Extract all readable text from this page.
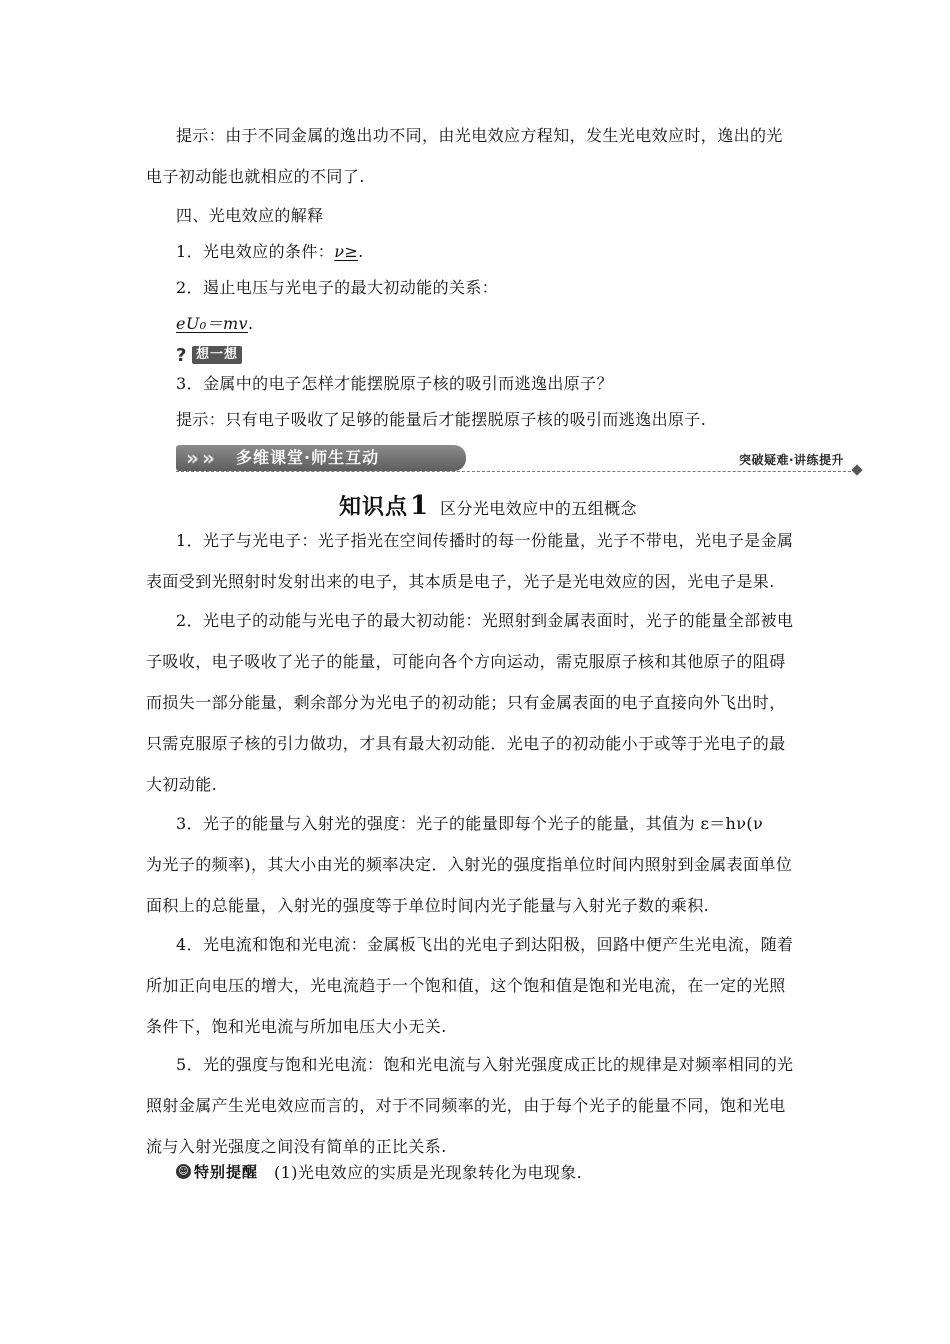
提示：由于不同金属的逸出功不同，由光电效应方程知，发生光电效应时，逸出的光
电子初动能也就相应的不同了.
四、光电效应的解释
1．光电效应的条件：ν≥.
2．遏止电压与光电子的最大初动能的关系：
eU₀＝mv.
? 想一想
3．金属中的电子怎样才能摆脱原子核的吸引而逃逸出原子？
提示：只有电子吸收了足够的能量后才能摆脱原子核的吸引而逃逸出原子.
» » 多维课堂·师生互动	突破疑难·讲练提升
知识点 1 区分光电效应中的五组概念
1．光子与光电子：光子指光在空间传播时的每一份能量，光子不带电，光电子是金属
表面受到光照射时发射出来的电子，其本质是电子，光子是光电效应的因，光电子是果.
2．光电子的动能与光电子的最大初动能：光照射到金属表面时，光子的能量全部被电
子吸收，电子吸收了光子的能量，可能向各个方向运动，需克服原子核和其他原子的阻碍
而损失一部分能量，剩余部分为光电子的初动能；只有金属表面的电子直接向外飞出时，
只需克服原子核的引力做功，才具有最大初动能．光电子的初动能小于或等于光电子的最
大初动能.
3．光子的能量与入射光的强度：光子的能量即每个光子的能量，其值为 ε＝hν(ν
为光子的频率)，其大小由光的频率决定．入射光的强度指单位时间内照射到金属表面单位
面积上的总能量，入射光的强度等于单位时间内光子能量与入射光子数的乘积.
4．光电流和饱和光电流：金属板飞出的光电子到达阳极，回路中便产生光电流，随着
所加正向电压的增大，光电流趋于一个饱和值，这个饱和值是饱和光电流，在一定的光照
条件下，饱和光电流与所加电压大小无关.
5．光的强度与饱和光电流：饱和光电流与入射光强度成正比的规律是对频率相同的光
照射金属产生光电效应而言的，对于不同频率的光，由于每个光子的能量不同，饱和光电
流与入射光强度之间没有简单的正比关系.
☺ 特别提醒 (1)光电效应的实质是光现象转化为电现象.
